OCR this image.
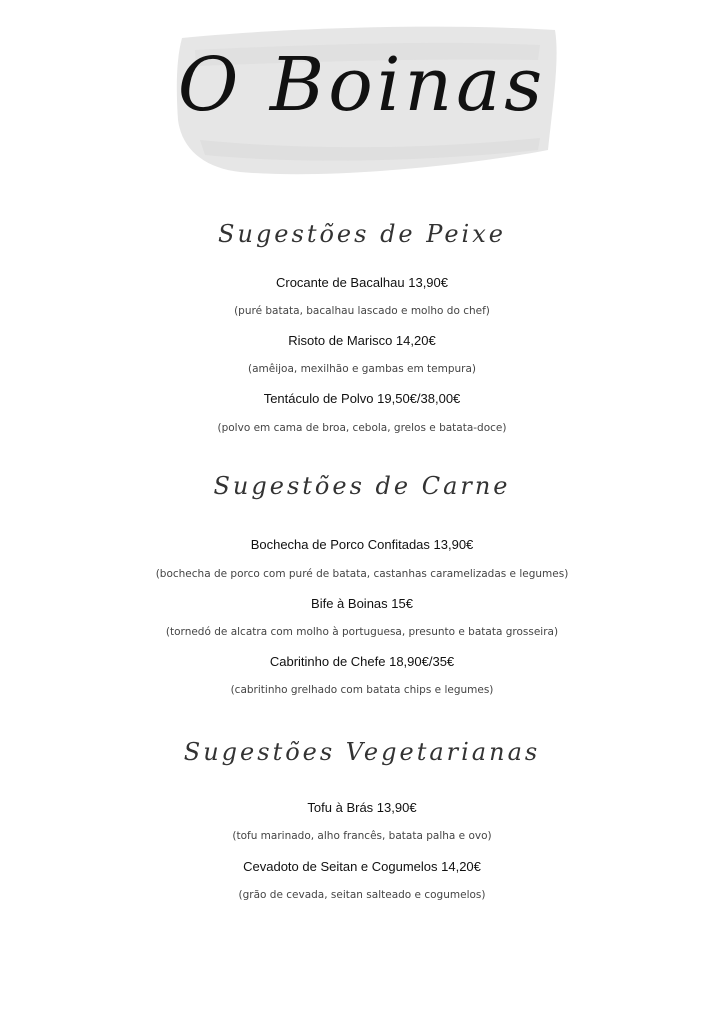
O Boinas
Sugestões de Peixe
Crocante de Bacalhau 13,90€
(puré batata, bacalhau lascado e molho do chef)
Risoto de Marisco 14,20€
(amêijoa, mexilhão e gambas em tempura)
Tentáculo de Polvo 19,50€/38,00€
(polvo em cama de broa, cebola, grelos e batata-doce)
Sugestões de Carne
Bochecha de Porco Confitadas 13,90€
(bochecha de porco com puré de batata, castanhas caramelizadas e legumes)
Bife à Boinas 15€
(tornedó de alcatra com molho à portuguesa, presunto e batata grosseira)
Cabritinho de Chefe 18,90€/35€
(cabritinho grelhado com batata chips e legumes)
Sugestões Vegetarianas
Tofu à Brás 13,90€
(tofu marinado, alho francês, batata palha e ovo)
Cevadoto de Seitan e Cogumelos 14,20€
(grão de cevada, seitan salteado e cogumelos)
